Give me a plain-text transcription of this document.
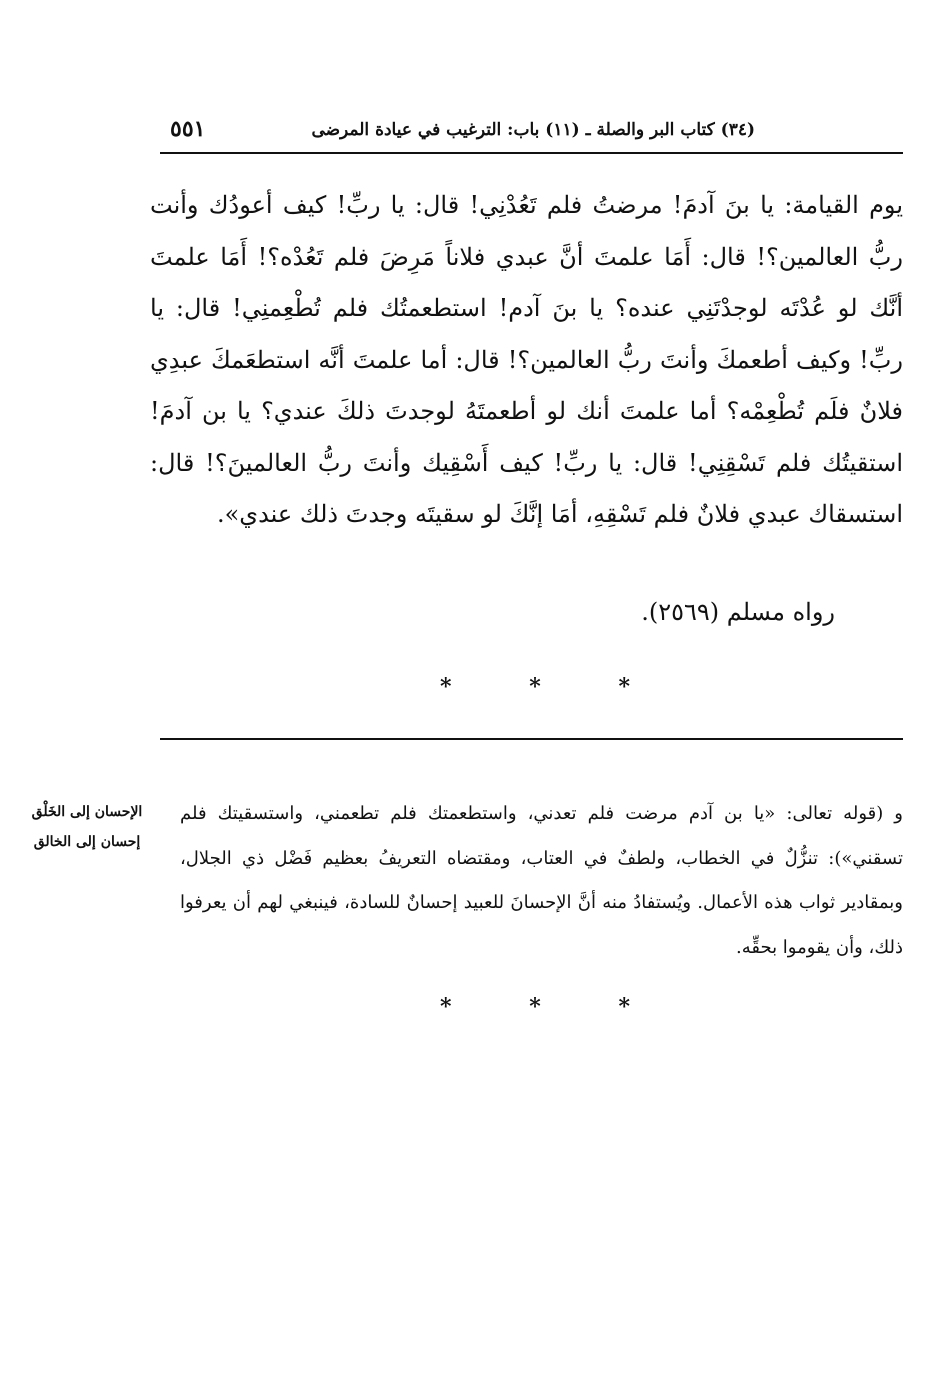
٥٥١	(٣٤) كتاب البر والصلة ـ (١١) باب: الترغيب في عيادة المرضى

يوم القيامة: يا بنَ آدمَ! مرضتُ فلم تَعُدْنِي! قال: يا ربِّ! كيف أعودُك وأنت ربُّ العالمين؟! قال: أَمَا علمتَ أنَّ عبدي فلاناً مَرِضَ فلم تَعُدْه؟! أَمَا علمتَ أنَّك لو عُدْتَه لوجدْتَنِي عنده؟ يا بنَ آدم! استطعمتُك فلم تُطْعِمنِي! قال: يا ربِّ! وكيف أطعمكَ وأنتَ ربُّ العالمين؟! قال: أما علمتَ أنَّه استطعَمكَ عبدِي فلانٌ فلَم تُطْعِمْه؟ أما علمتَ أنك لو أطعمتَهُ لوجدتَ ذلكَ عندي؟ يا بن آدمَ! استقيتُك فلم تَسْقِنِي! قال: يا ربِّ! كيف أَسْقِيك وأنتَ ربُّ العالمينَ؟! قال: استسقاك عبدي فلانٌ فلم تَسْقِهِ، أمَا إنَّكَ لو سقيتَه وجدتَ ذلك عندي».

رواه مسلم (٢٥٦٩).
*	*	*
الإحسان إلى الخَلْق إحسان إلى الخالق

و (قوله تعالى: «يا بن آدم مرضت فلم تعدني، واستطعمتك فلم تطعمني، واستسقيتك فلم تسقني»): تنزُّلٌ في الخطاب، ولطفٌ في العتاب، ومقتضاه التعريفُ بعظيم فَضْل ذي الجلال، وبمقادير ثواب هذه الأعمال. ويُستفادُ منه أنَّ الإحسانَ للعبيد إحسانٌ للسادة، فينبغي لهم أن يعرفوا ذلك، وأن يقوموا بحقِّه.

*	*	*
